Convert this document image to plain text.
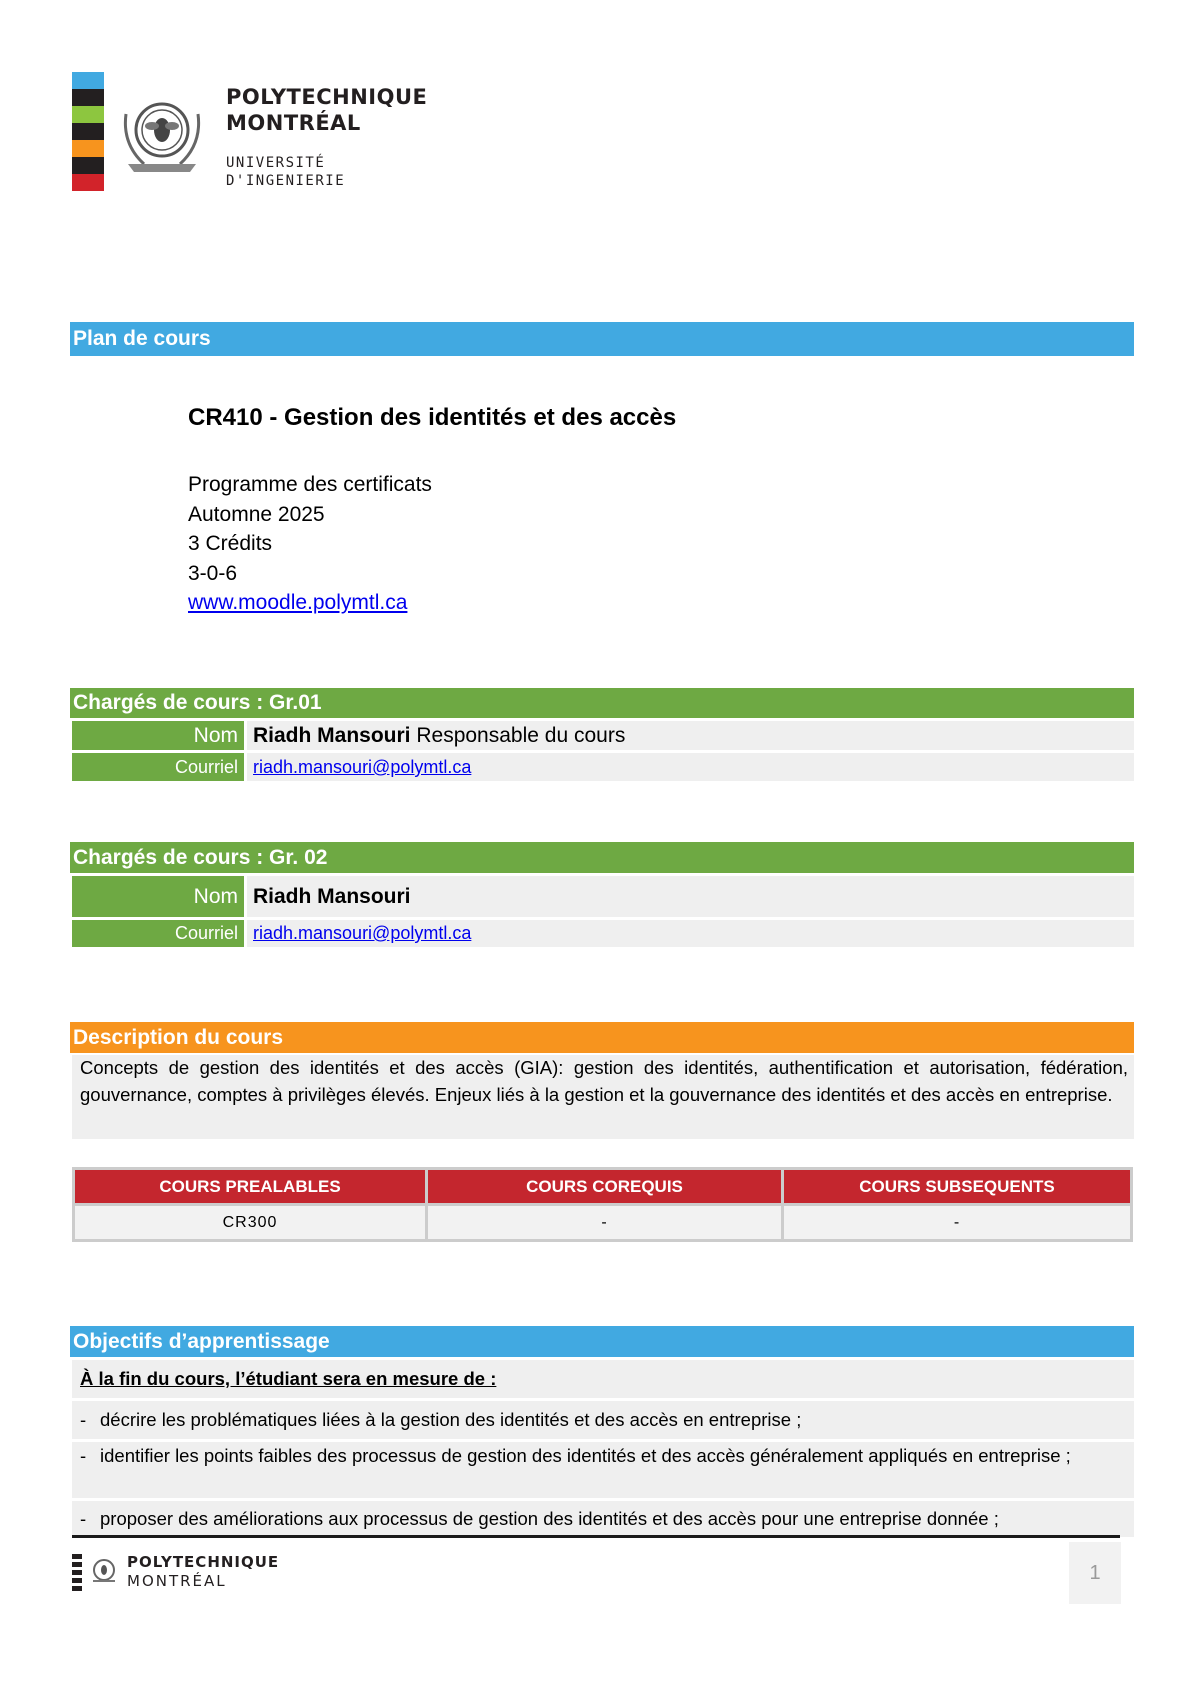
POLYTECHNIQUE
MONTRÉAL
UNIVERSITÉ
D'INGENIERIE
Plan de cours
CR410 - Gestion des identités et des accès
Programme des certificats
Automne 2025
3 Crédits
3-0-6
www.moodle.polymtl.ca
Chargés de cours : Gr.01
Nom Riadh Mansouri Responsable du cours
Courriel riadh.mansouri@polymtl.ca
Chargés de cours : Gr. 02
Nom Riadh Mansouri
Courriel riadh.mansouri@polymtl.ca
Description du cours
Concepts de gestion des identités et des accès (GIA): gestion des identités, authentification et autorisation, fédération, gouvernance, comptes à privilèges élevés. Enjeux liés à la gestion et la gouvernance des identités et des accès en entreprise.
COURS PREALABLES	COURS COREQUIS	COURS SUBSEQUENTS
CR300	-	-
Objectifs d’apprentissage
À la fin du cours, l’étudiant sera en mesure de :
- décrire les problématiques liées à la gestion des identités et des accès en entreprise ;
- identifier les points faibles des processus de gestion des identités et des accès généralement appliqués en entreprise ;
- proposer des améliorations aux processus de gestion des identités et des accès pour une entreprise donnée ;
POLYTECHNIQUE
MONTRÉAL	1
